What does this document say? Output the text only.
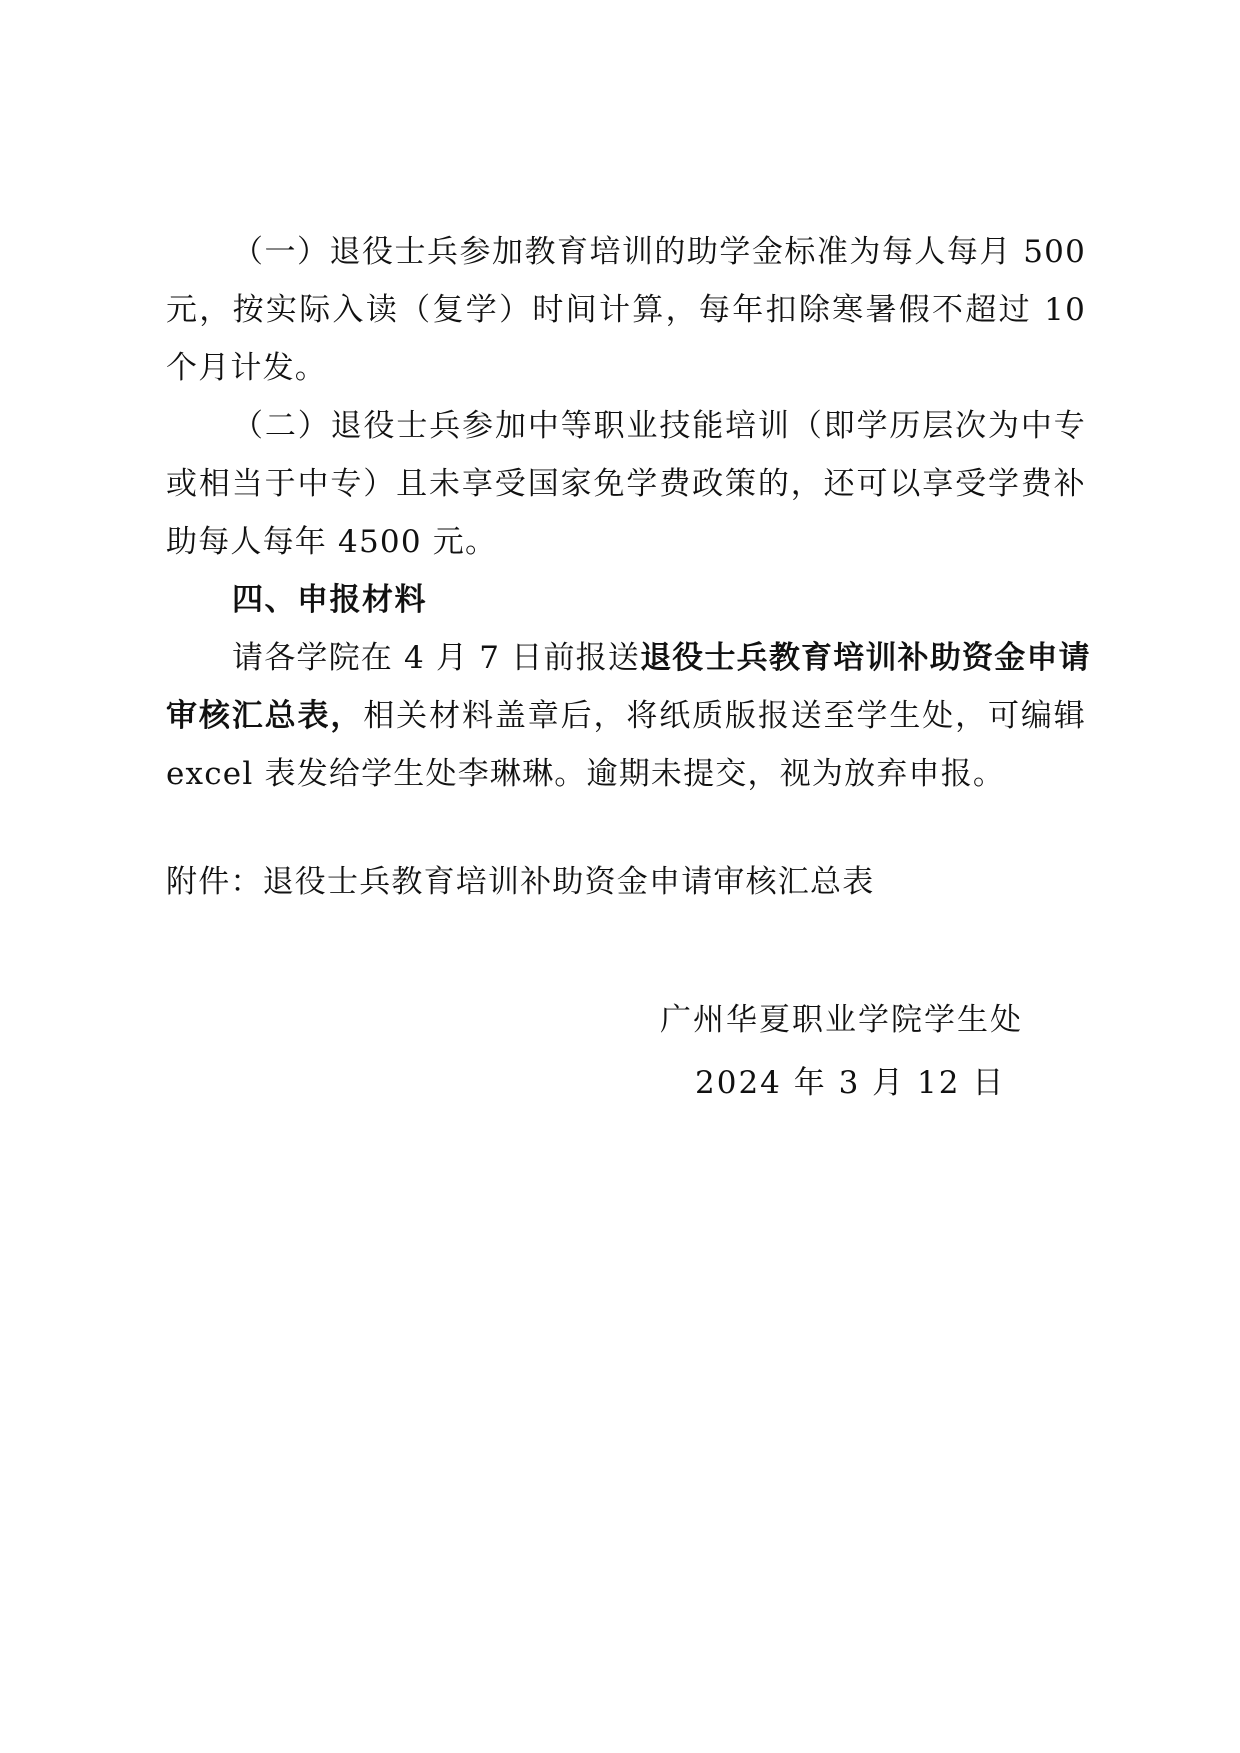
（一）退役士兵参加教育培训的助学金标准为每人每月 500
元，按实际入读（复学）时间计算，每年扣除寒暑假不超过 10
个月计发。
（二）退役士兵参加中等职业技能培训（即学历层次为中专
或相当于中专）且未享受国家免学费政策的，还可以享受学费补
助每人每年 4500 元。
四、申报材料
请各学院在 4 月 7 日前报送退役士兵教育培训补助资金申请
审核汇总表，相关材料盖章后，将纸质版报送至学生处，可编辑
excel 表发给学生处李琳琳。逾期未提交，视为放弃申报。
附件：退役士兵教育培训补助资金申请审核汇总表
广州华夏职业学院学生处
2024 年 3 月 12 日
